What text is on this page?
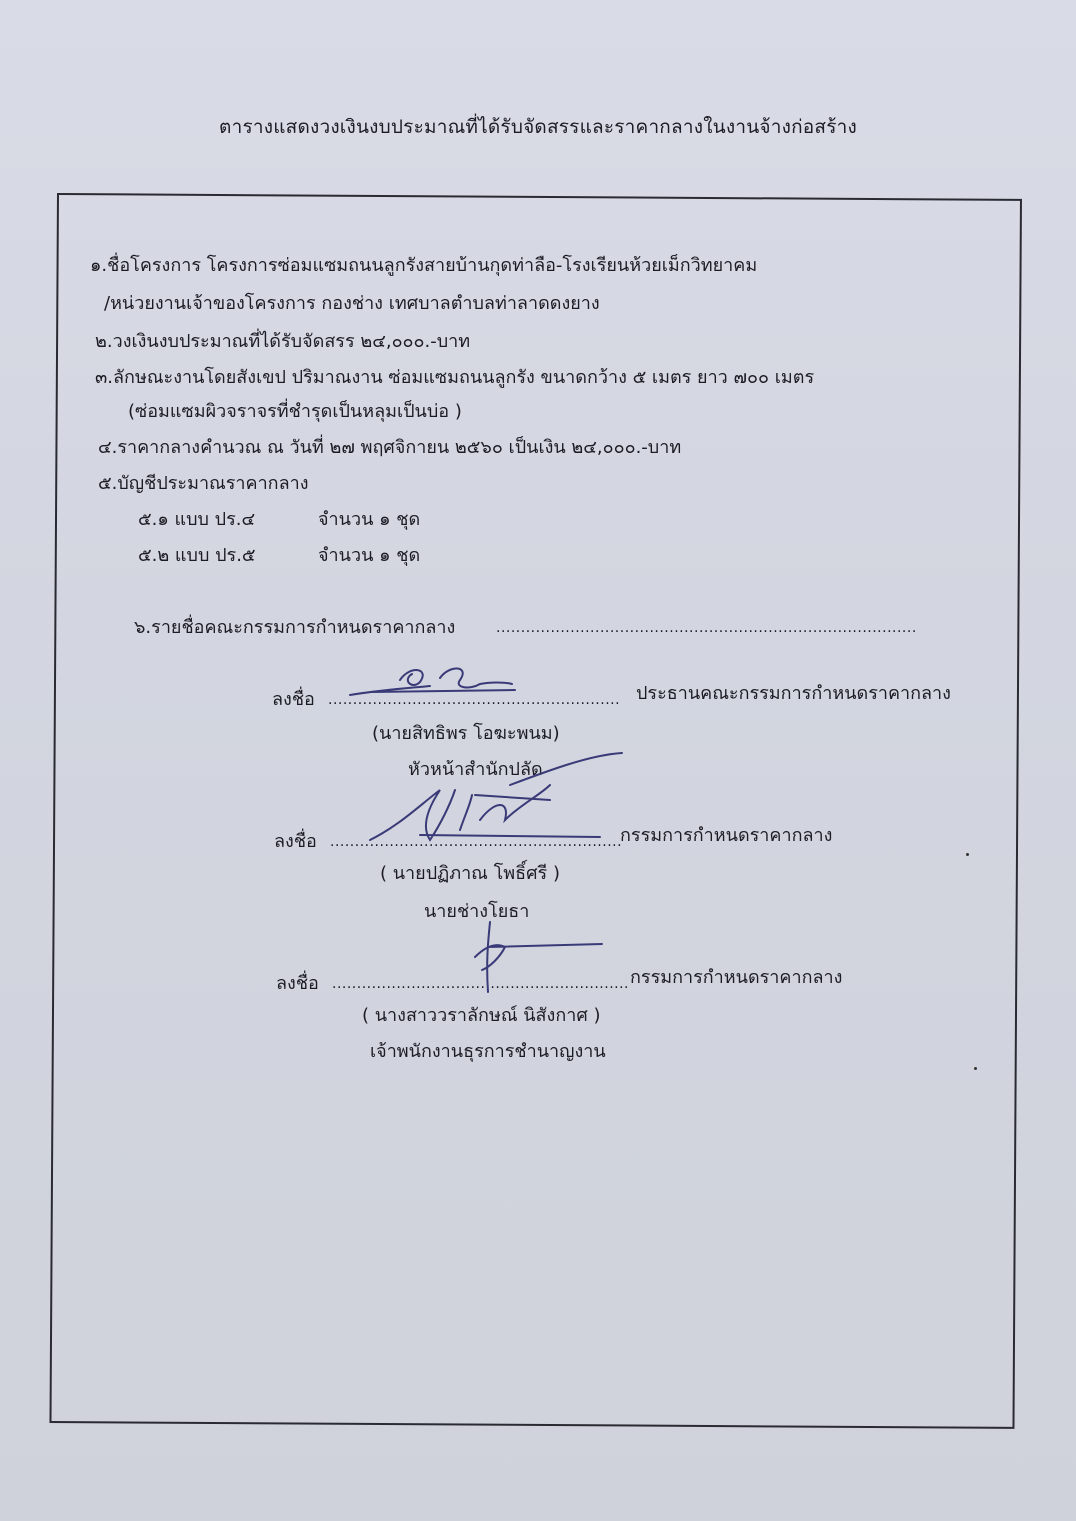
ตารางแสดงวงเงินงบประมาณที่ได้รับจัดสรรและราคากลางในงานจ้างก่อสร้าง
๑.ชื่อโครงการ โครงการซ่อมแซมถนนลูกรังสายบ้านกุดท่าลือ-โรงเรียนห้วยเม็กวิทยาคม
/หน่วยงานเจ้าของโครงการ กองช่าง เทศบาลตำบลท่าลาดดงยาง
๒.วงเงินงบประมาณที่ได้รับจัดสรร ๒๔,๐๐๐.-บาท
๓.ลักษณะงานโดยสังเขป ปริมาณงาน ซ่อมแซมถนนลูกรัง ขนาดกว้าง ๕ เมตร ยาว ๗๐๐ เมตร
(ซ่อมแซมผิวจราจรที่ชำรุดเป็นหลุมเป็นบ่อ )
๔.ราคากลางคำนวณ ณ วันที่ ๒๗ พฤศจิกายน ๒๕๖๐ เป็นเงิน ๒๔,๐๐๐.-บาท
๕.บัญชีประมาณราคากลาง
๕.๑ แบบ ปร.๔	จำนวน ๑ ชุด
๕.๒ แบบ ปร.๕	จำนวน ๑ ชุด
๖.รายชื่อคณะกรรมการกำหนดราคากลาง	.....................................................................................
ลงชื่อ ........................................................... ประธานคณะกรรมการกำหนดราคากลาง
(นายสิทธิพร โอฆะพนม)
หัวหน้าสำนักปลัด
ลงชื่อ ...........................................................
กรรมการกำหนดราคากลาง
( นายปฏิภาณ โพธิ์ศรี )
นายช่างโยธา
ลงชื่อ ............................................................ กรรมการกำหนดราคากลาง
( นางสาววราลักษณ์ นิสังกาศ )
เจ้าพนักงานธุรการชำนาญงาน
